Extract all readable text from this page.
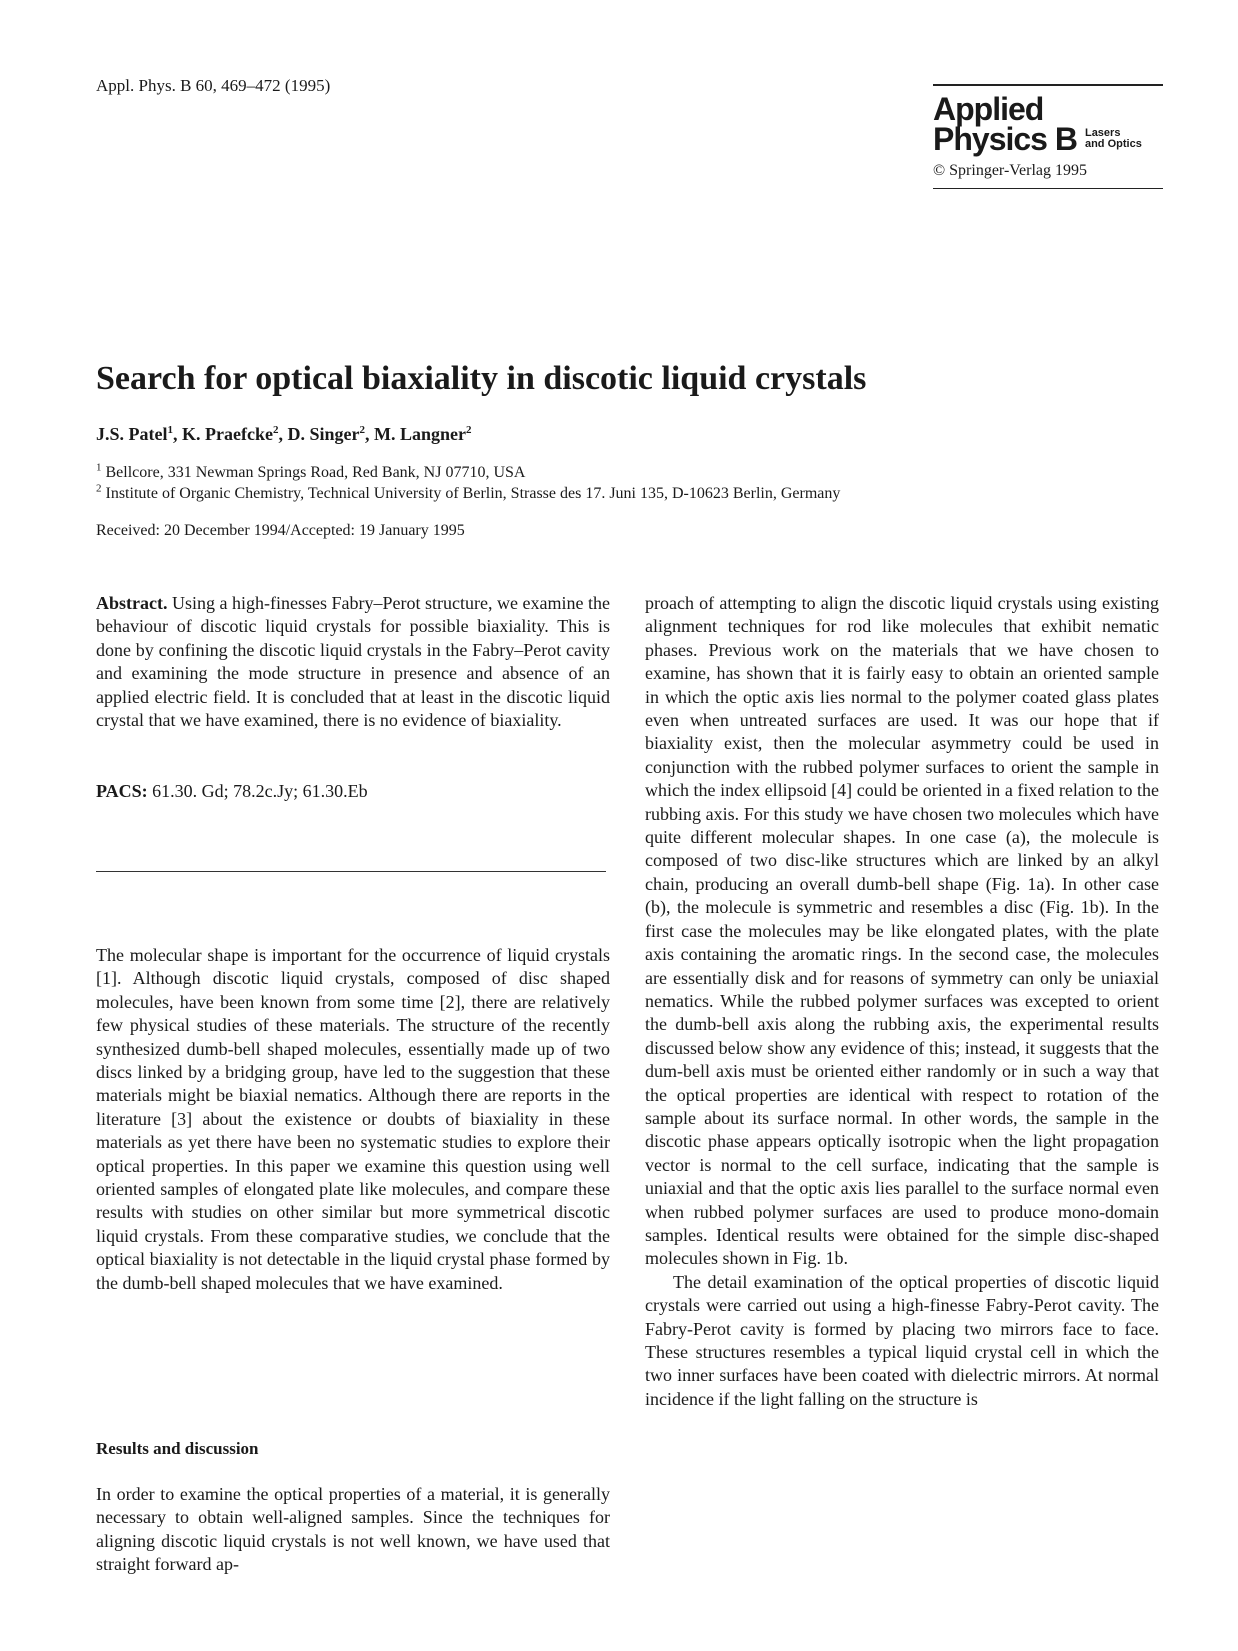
Appl. Phys. B 60, 469–472 (1995)
Applied
Physics B Lasers
and Optics
© Springer-Verlag 1995
Search for optical biaxiality in discotic liquid crystals
J.S. Patel$^1$, K. Praefcke$^2$, D. Singer$^2$, M. Langner$^2$
$^1$ Bellcore, 331 Newman Springs Road, Red Bank, NJ 07710, USA
$^2$ Institute of Organic Chemistry, Technical University of Berlin, Strasse des 17. Juni 135, D-10623 Berlin, Germany
Received: 20 December 1994/Accepted: 19 January 1995

Abstract. Using a high-finesses Fabry–Perot structure, we examine the behaviour of discotic liquid crystals for possible biaxiality. This is done by confining the discotic liquid crystals in the Fabry–Perot cavity and examining the mode structure in presence and absence of an applied electric field. It is concluded that at least in the discotic liquid crystal that we have examined, there is no evidence of biaxiality.

PACS: 61.30. Gd; 78.2c.Jy; 61.30.Eb

The molecular shape is important for the occurrence of liquid crystals [1]. Although discotic liquid crystals, composed of disc shaped molecules, have been known from some time [2], there are relatively few physical studies of these materials. The structure of the recently synthesized dumb-bell shaped molecules, essentially made up of two discs linked by a bridging group, have led to the suggestion that these materials might be biaxial nematics. Although there are reports in the literature [3] about the existence or doubts of biaxiality in these materials as yet there have been no systematic studies to explore their optical properties. In this paper we examine this question using well oriented samples of elongated plate like molecules, and compare these results with studies on other similar but more symmetrical discotic liquid crystals. From these comparative studies, we conclude that the optical biaxiality is not detectable in the liquid crystal phase formed by the dumb-bell shaped molecules that we have examined.

Results and discussion

In order to examine the optical properties of a material, it is generally necessary to obtain well-aligned samples. Since the techniques for aligning discotic liquid crystals is not well known, we have used that straight forward ap-

proach of attempting to align the discotic liquid crystals using existing alignment techniques for rod like molecules that exhibit nematic phases. Previous work on the materials that we have chosen to examine, has shown that it is fairly easy to obtain an oriented sample in which the optic axis lies normal to the polymer coated glass plates even when untreated surfaces are used. It was our hope that if biaxiality exist, then the molecular asymmetry could be used in conjunction with the rubbed polymer surfaces to orient the sample in which the index ellipsoid [4] could be oriented in a fixed relation to the rubbing axis. For this study we have chosen two molecules which have quite different molecular shapes. In one case (a), the molecule is composed of two disc-like structures which are linked by an alkyl chain, producing an overall dumb-bell shape (Fig. 1a). In other case (b), the molecule is symmetric and resembles a disc (Fig. 1b). In the first case the molecules may be like elongated plates, with the plate axis containing the aromatic rings. In the second case, the molecules are essentially disk and for reasons of symmetry can only be uniaxial nematics. While the rubbed polymer surfaces was excepted to orient the dumb-bell axis along the rubbing axis, the experimental results discussed below show any evidence of this; instead, it suggests that the dum-bell axis must be oriented either randomly or in such a way that the optical properties are identical with respect to rotation of the sample about its surface normal. In other words, the sample in the discotic phase appears optically isotropic when the light propagation vector is normal to the cell surface, indicating that the sample is uniaxial and that the optic axis lies parallel to the surface normal even when rubbed polymer surfaces are used to produce mono-domain samples. Identical results were obtained for the simple disc-shaped molecules shown in Fig. 1b.

The detail examination of the optical properties of discotic liquid crystals were carried out using a high-finesse Fabry-Perot cavity. The Fabry-Perot cavity is formed by placing two mirrors face to face. These structures resembles a typical liquid crystal cell in which the two inner surfaces have been coated with dielectric mirrors. At normal incidence if the light falling on the structure is
